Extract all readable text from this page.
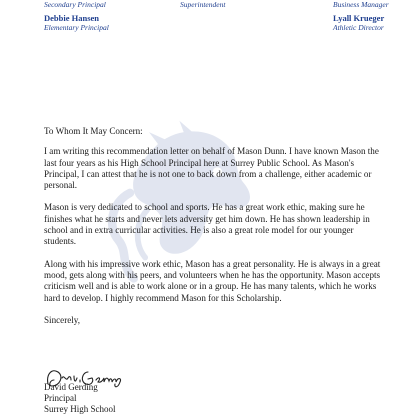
Secondary Principal
Debbie Hansen
Elementary Principal
Superintendent	Business Manager
Lyall Krueger
Athletic Director

To Whom It May Concern:

I am writing this recommendation letter on behalf of Mason Dunn. I have known Mason the last four years as his High School Principal here at Surrey Public School. As Mason's Principal, I can attest that he is not one to back down from a challenge, either academic or personal.

Mason is very dedicated to school and sports. He has a great work ethic, making sure he finishes what he starts and never lets adversity get him down. He has shown leadership in school and in extra curricular activities. He is also a great role model for our younger students.

Along with his impressive work ethic, Mason has a great personality. He is always in a great mood, gets along with his peers, and volunteers when he has the opportunity. Mason accepts criticism well and is able to work alone or in a group. He has many talents, which he works hard to develop. I highly recommend Mason for this Scholarship.

Sincerely,

David Gerding
Principal
Surrey High School
